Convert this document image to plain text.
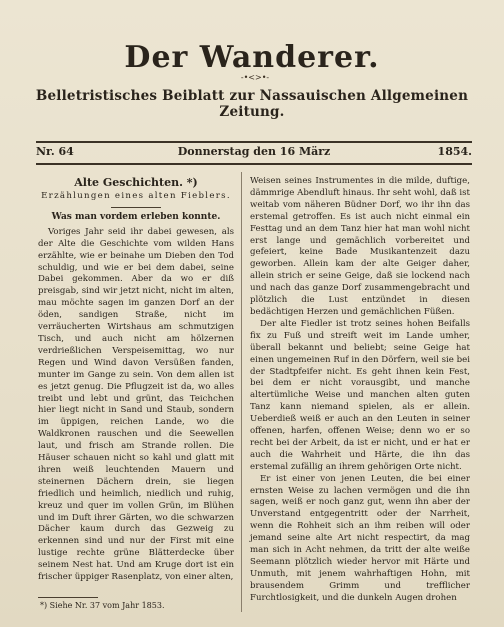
Der Wanderer.
-•<>•-
Belletristisches Beiblatt zur Nassauischen Allgemeinen Zeitung.
Nr. 64	Donnerstag den 16 März	1854.
Alte Geschichten. *)
Erzählungen eines alten Fieblers.
Was man vordem erleben konnte.

Voriges Jahr seid ihr dabei gewesen, als der Alte die Geschichte vom wilden Hans erzählte, wie er beinahe um Dieben den Tod schuldig, und wie er bei dem dabei, seine Dabei gekommen. Aber da wo er diß preisgab, sind wir jetzt nicht, nicht im alten, mau möchte sagen im ganzen Dorf an der öden, sandigen Straße, nicht im verräucherten Wirtshaus am schmutzigen Tisch, und auch nicht am hölzernen verdrießlichen Verspeisemittag, wo nur Regen und Wind davon Versüßen fanden, munter im Gange zu sein. Von dem allen ist es jetzt genug. Die Pflugzeit ist da, wo alles treibt und lebt und grünt, das Teichchen hier liegt nicht in Sand und Staub, sondern im üppigen, reichen Lande, wo die Waldkronen rauschen und die Seewellen laut, und frisch am Strande rollen. Die Häuser schauen nicht so kahl und glatt mit ihren weiß leuchtenden Mauern und steinernen Dächern drein, sie liegen friedlich und heimlich, niedlich und ruhig, kreuz und quer im vollen Grün, im Blühen und im Duft ihrer Gärten, wo die schwarzen Dächer kaum durch das Gezweig zu erkennen sind und nur der First mit eine lustige rechte grüne Blätterdecke über seinem Nest hat. Und am Kruge dort ist ein frischer üppiger Rasenplatz, von einer alten,

Weisen seines Instrumentes in die milde, duftige, dämmrige Abendluft hinaus. Ihr seht wohl, daß ist weitab vom näheren Büdner Dorf, wo ihr ihn das erstemal getroffen. Es ist auch nicht einmal ein Festtag und an dem Tanz hier hat man wohl nicht erst lange und gemächlich vorbereitet und gefeiert, keine Bade Musikantenzeit dazu geworben. Allein kam der alte Geiger daher, allein strich er seine Geige, daß sie lockend nach und nach das ganze Dorf zusammengebracht und plötzlich die Lust entzündet in diesen bedächtigen Herzen und gemächlichen Füßen.

Der alte Fiedler ist trotz seines hohen Beifalls fix zu Fuß und streift weit im Lande umher, überall bekannt und beliebt; seine Geige hat einen ungemeinen Ruf in den Dörfern, weil sie bei der Stadtpfeifer nicht. Es geht ihnen kein Fest, bei dem er nicht vorausgibt, und manche altertümliche Weise und manchen alten guten Tanz kann niemand spielen, als er allein. Ueberdieß weiß er auch an den Leuten in seiner offenen, harfen, offenen Weise; denn wo er so recht bei der Arbeit, da ist er nicht, und er hat er auch die Wahrheit und Härte, die ihn das erstemal zufällig an ihrem gehörigen Orte nicht.

Er ist einer von jenen Leuten, die bei einer ernsten Weise zu lachen vermögen und die ihn sagen, weiß er noch ganz gut, wenn ihn aber der Unverstand entgegentritt oder der Narrheit, wenn die Rohheit sich an ihm reiben will oder jemand seine alte Art nicht respectirt, da mag man sich in Acht nehmen, da tritt der alte weiße Seemann plötzlich wieder hervor mit Härte und Unmuth, mit jenem wahrhaftigen Hohn, mit brausendem Grimm und trefflicher Furchtlosigkeit, und die dunkeln Augen drohen

*) Siehe Nr. 37 vom Jahr 1853.
